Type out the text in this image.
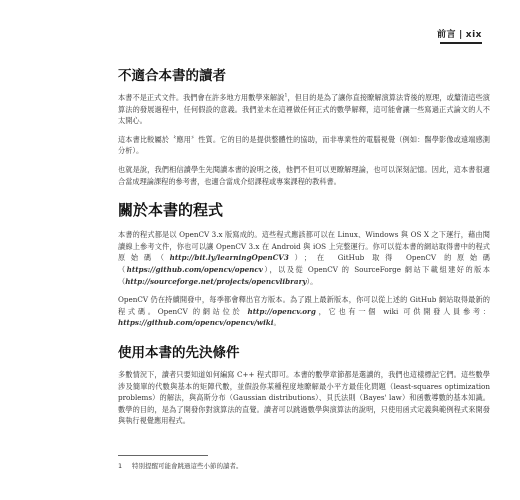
前言 | xix
不適合本書的讀者

本書不是正式文件。我們會在許多地方用數學來解說$^1$，但目的是為了讓你直接瞭解演算法背後的原理，或釐清這些演算法的發展過程中，任何假設的意義。我們並未在這裡做任何正式的數學解釋，這可能會讓一些寫過正式論文的人不太開心。

這本書比較屬於〝應用〞性質。它的目的是提供整體性的協助，而非專業性的電腦視覺（例如：醫學影像或遠端感測分析）。

也就是說，我們相信讀學生先閱讀本書的說明之後，他們不但可以更瞭解理論，也可以深刻記憶。因此，這本書很適合當成理論課程的參考書，也適合當成介紹課程或專案課程的教科書。

關於本書的程式

本書的程式都是以 OpenCV 3.x 版寫成的。這些程式應該都可以在 Linux、Windows 與 OS X 之下運行，藉由閱讀線上參考文件，你也可以讓 OpenCV 3.x 在 Android 與 iOS 上完整運行。你可以從本書的網站取得書中的程式原始碼（http://bit.ly/learningOpenCV3）；在 GitHub 取得 OpenCV 的原始碼（https://github.com/opencv/opencv），以及從 OpenCV 的 SourceForge 網站下載組建好的版本（http://sourceforge.net/projects/opencvlibrary）。

OpenCV 仍在持續開發中，每季都會釋出官方版本。為了跟上最新版本，你可以從上述的 GitHub 網站取得最新的程式碼。OpenCV 的網站位於 http://opencv.org，它也有一個 wiki 可供開發人員參考：https://github.com/opencv/opencv/wiki。

使用本書的先決條件

多數情況下，讀者只要知道如何編寫 C++ 程式即可。本書的數學章節都是選讀的，我們也這樣標記它們。這些數學涉及簡單的代數與基本的矩陣代數，並假設你某種程度地瞭解最小平方最佳化問題（least-squares optimization problems）的解法，與高斯分布（Gaussian distributions）、貝氏法則（Bayes' law）和函數導數的基本知識。數學的目的，是為了開發你對演算法的直覺。讀者可以跳過數學與演算法的說明，只使用函式定義與範例程式來開發與執行視覺應用程式。

1 特別提醒可能會跳過這些小節的讀者。
